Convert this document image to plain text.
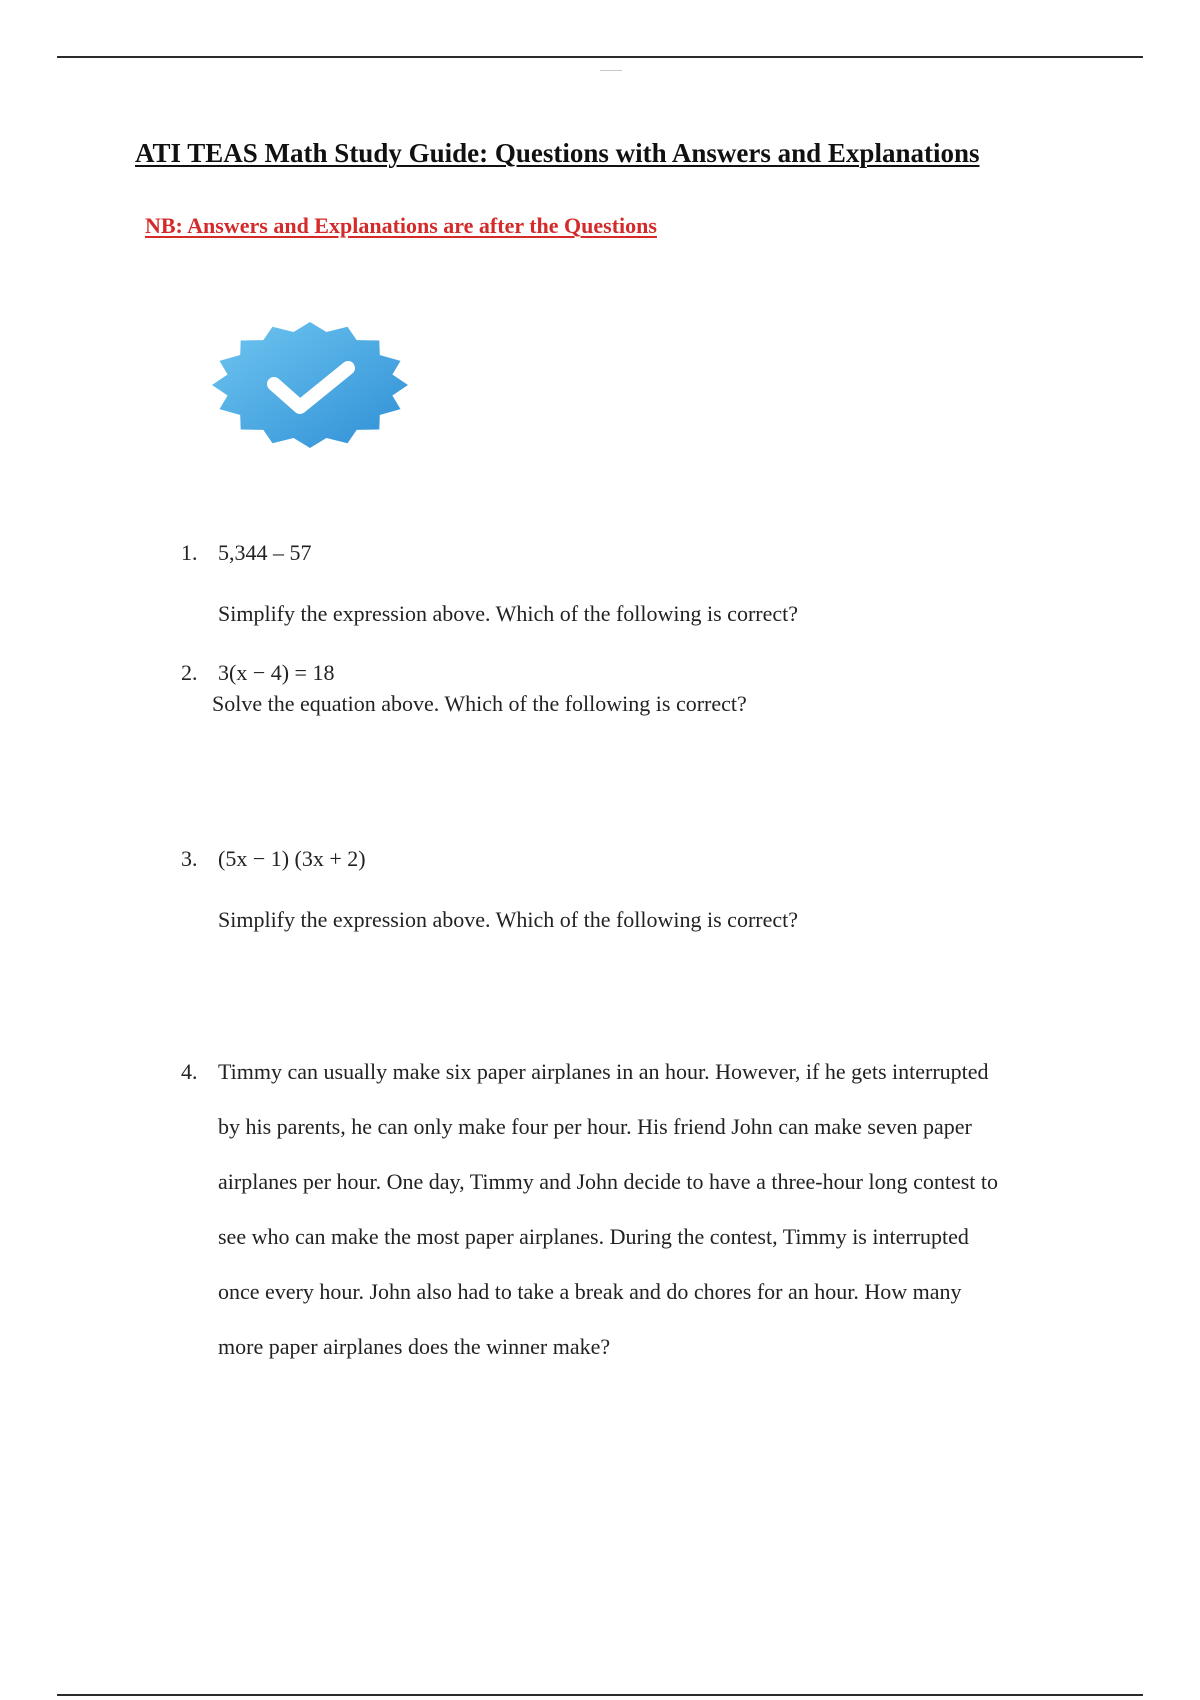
ATI TEAS Math Study Guide: Questions with Answers and Explanations

NB: Answers and Explanations are after the Questions

1. 5,344 – 57
Simplify the expression above. Which of the following is correct?
2. 3(x − 4) = 18
Solve the equation above. Which of the following is correct?
3. (5x − 1) (3x + 2)
Simplify the expression above. Which of the following is correct?
4. Timmy can usually make six paper airplanes in an hour. However, if he gets interrupted
by his parents, he can only make four per hour. His friend John can make seven paper
airplanes per hour. One day, Timmy and John decide to have a three-hour long contest to
see who can make the most paper airplanes. During the contest, Timmy is interrupted
once every hour. John also had to take a break and do chores for an hour. How many
more paper airplanes does the winner make?
